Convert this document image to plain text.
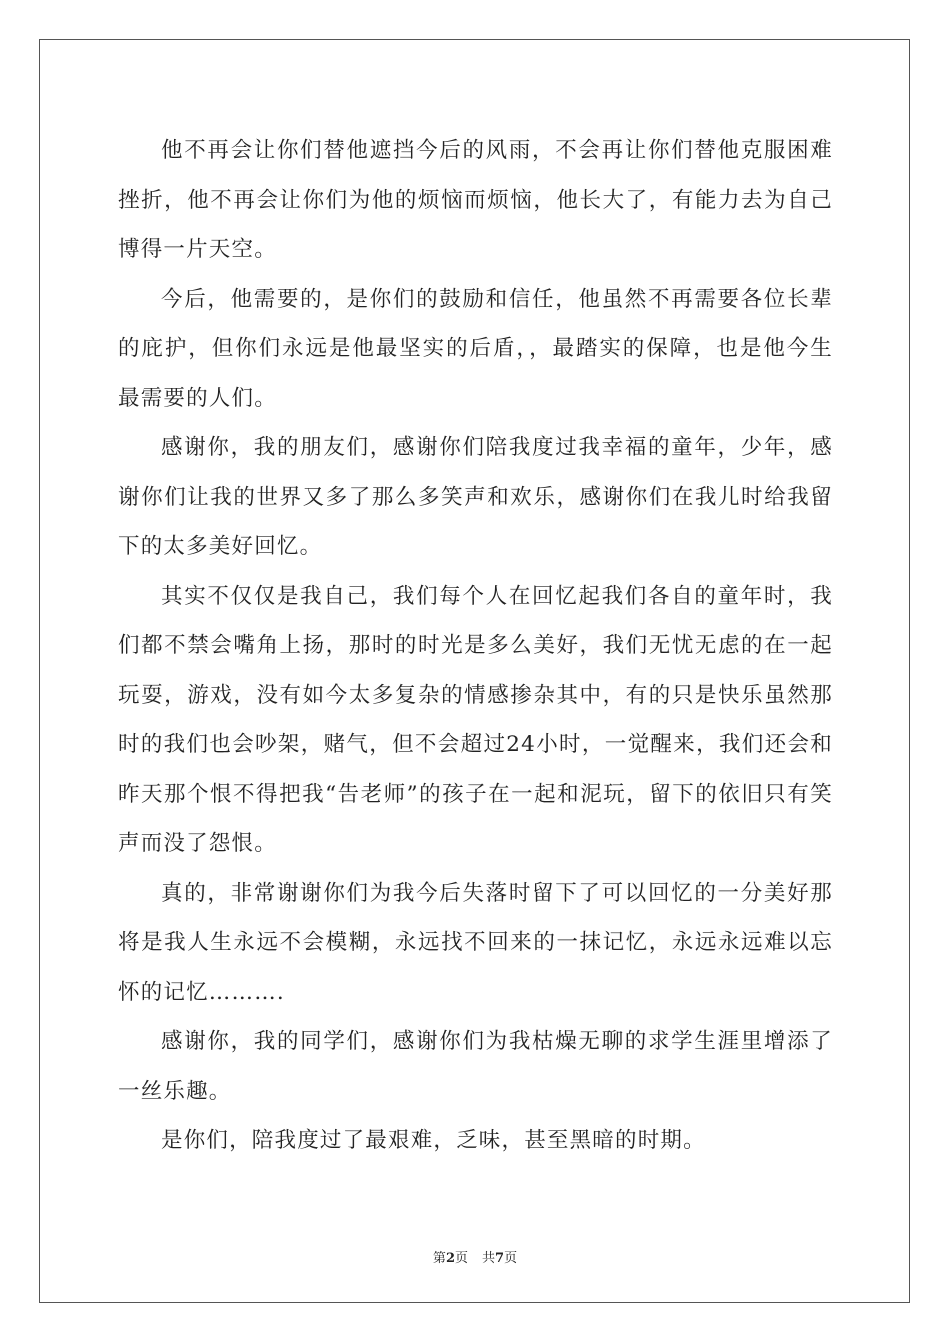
他不再会让你们替他遮挡今后的风雨，不会再让你们替他克服困难挫折，他不再会让你们为他的烦恼而烦恼，他长大了，有能力去为自己博得一片天空。

今后，他需要的，是你们的鼓励和信任，他虽然不再需要各位长辈的庇护，但你们永远是他最坚实的后盾，，最踏实的保障，也是他今生最需要的人们。

感谢你，我的朋友们，感谢你们陪我度过我幸福的童年，少年，感谢你们让我的世界又多了那么多笑声和欢乐，感谢你们在我儿时给我留下的太多美好回忆。

其实不仅仅是我自己，我们每个人在回忆起我们各自的童年时，我们都不禁会嘴角上扬，那时的时光是多么美好，我们无忧无虑的在一起玩耍，游戏，没有如今太多复杂的情感掺杂其中，有的只是快乐虽然那时的我们也会吵架，赌气，但不会超过24小时，一觉醒来，我们还会和昨天那个恨不得把我“告老师”的孩子在一起和泥玩，留下的依旧只有笑声而没了怨恨。

真的，非常谢谢你们为我今后失落时留下了可以回忆的一分美好那将是我人生永远不会模糊，永远找不回来的一抹记忆，永远永远难以忘怀的记忆……….

感谢你，我的同学们，感谢你们为我枯燥无聊的求学生涯里增添了一丝乐趣。

是你们，陪我度过了最艰难，乏味，甚至黑暗的时期。

第2页 共7页
